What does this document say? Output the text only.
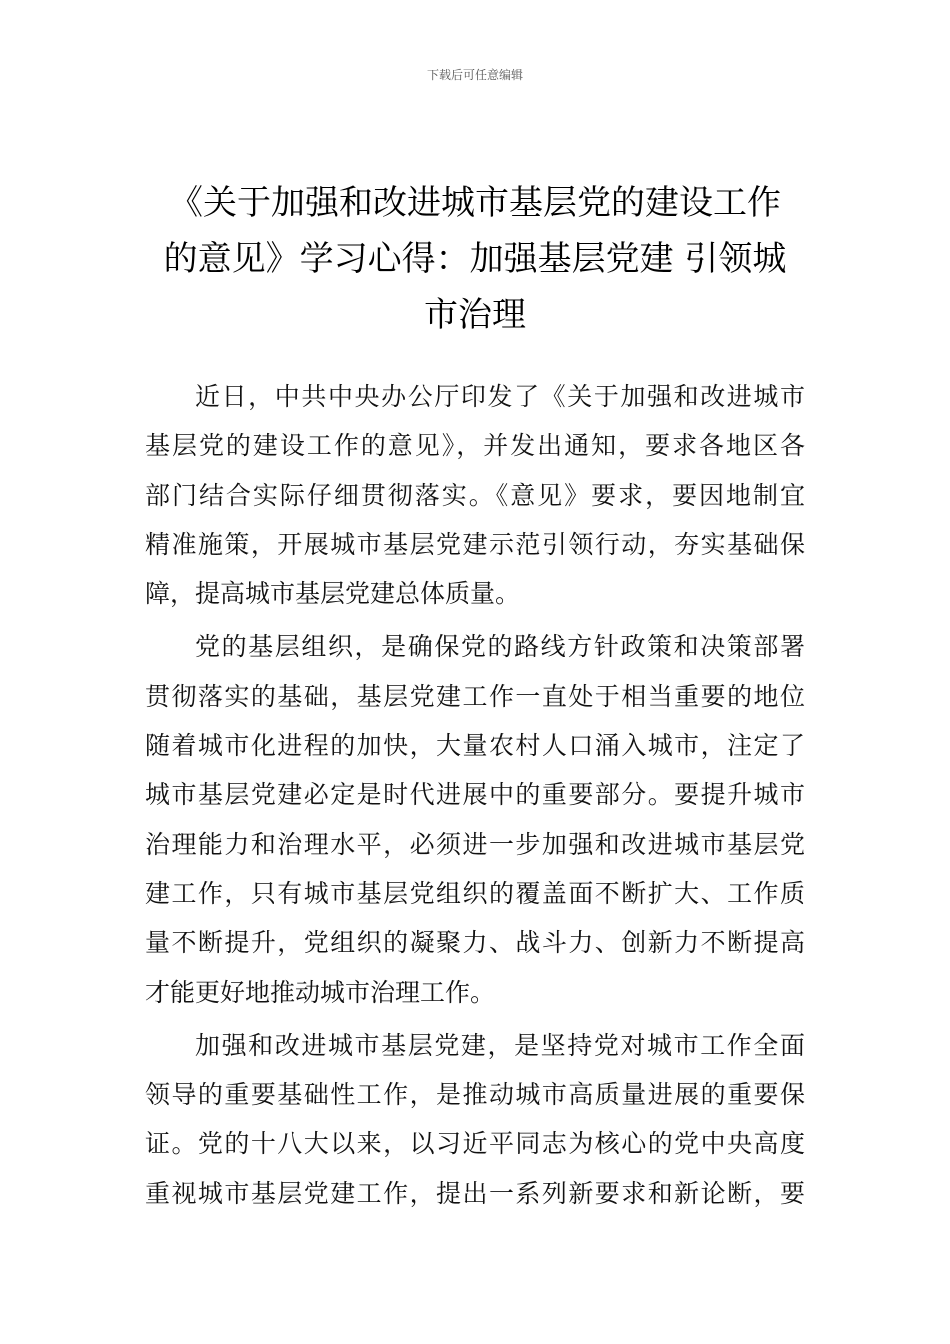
下载后可任意编辑
《关于加强和改进城市基层党的建设工作
的意见》学习心得：加强基层党建 引领城
市治理
近日，中共中央办公厅印发了《关于加强和改进城市
基层党的建设工作的意见》，并发出通知，要求各地区各
部门结合实际仔细贯彻落实。《意见》要求，要因地制宜
精准施策，开展城市基层党建示范引领行动，夯实基础保
障，提高城市基层党建总体质量。
党的基层组织，是确保党的路线方针政策和决策部署
贯彻落实的基础，基层党建工作一直处于相当重要的地位
随着城市化进程的加快，大量农村人口涌入城市，注定了
城市基层党建必定是时代进展中的重要部分。要提升城市
治理能力和治理水平，必须进一步加强和改进城市基层党
建工作，只有城市基层党组织的覆盖面不断扩大、工作质
量不断提升，党组织的凝聚力、战斗力、创新力不断提高
才能更好地推动城市治理工作。
加强和改进城市基层党建，是坚持党对城市工作全面
领导的重要基础性工作，是推动城市高质量进展的重要保
证。党的十八大以来，以习近平同志为核心的党中央高度
重视城市基层党建工作，提出一系列新要求和新论断，要
